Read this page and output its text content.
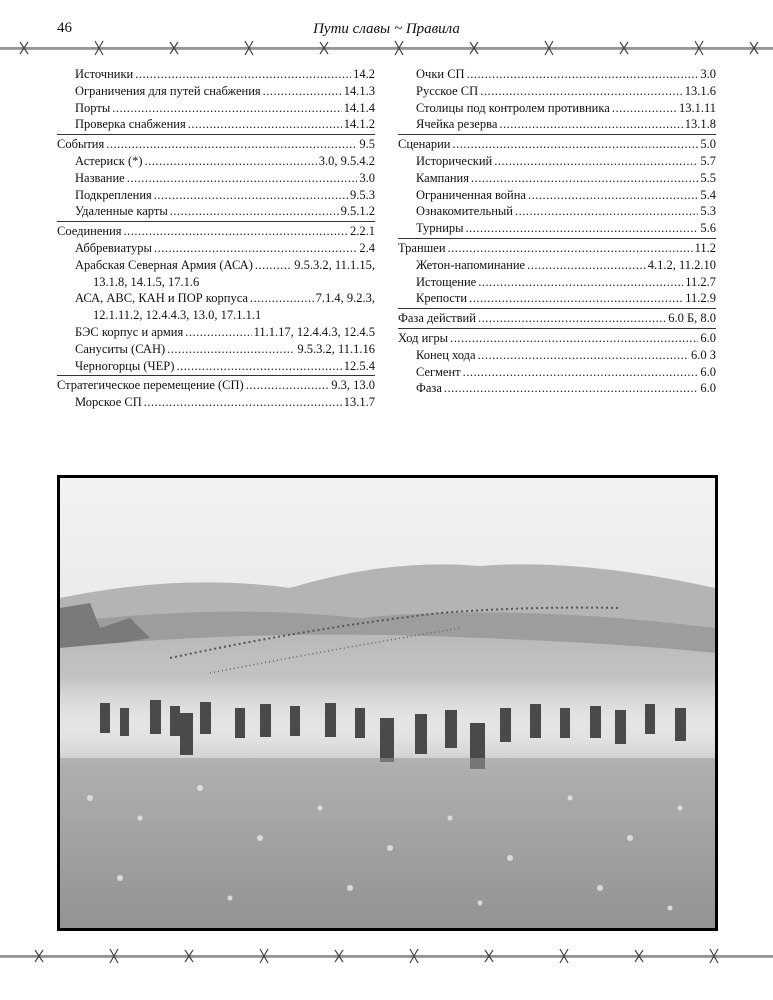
46	Пути славы ~ Правила
Источники .....	14.2
Ограничения для путей снабжения .....	14.1.3
Порты .....	14.1.4
Проверка снабжения .....	14.1.2
События .....	9.5
Астериск (*) .....	3.0, 9.5.4.2
Название .....	3.0
Подкрепления .....	9.5.3
Удаленные карты .....	9.5.1.2
Соединения .....	2.2.1
Аббревиатуры .....	2.4
Арабская Северная Армия (АСА) .....	9.5.3.2, 11.1.15,
13.1.8, 14.1.5, 17.1.6
АСА, АВС, КАН и ПОР корпуса .....	7.1.4, 9.2.3,
12.1.11.2, 12.4.4.3, 13.0, 17.1.1.1
БЭС корпус и армия .....	11.1.17, 12.4.4.3, 12.4.5
Сануситы (САН) .....	9.5.3.2, 11.1.16
Черногорцы (ЧЕР) .....	12.5.4
Стратегическое перемещение (СП) .....	9.3, 13.0
Морское СП .....	13.1.7
Очки СП .....	3.0
Русское СП .....	13.1.6
Столицы под контролем противника .....	13.1.11
Ячейка резерва .....	13.1.8
Сценарии .....	5.0
Исторический .....	5.7
Кампания .....	5.5
Ограниченная война .....	5.4
Ознакомительный .....	5.3
Турниры .....	5.6
Траншеи .....	11.2
Жетон-напоминание .....	4.1.2, 11.2.10
Истощение .....	11.2.7
Крепости .....	11.2.9
Фаза действий .....	6.0 Б, 8.0
Ход игры .....	6.0
Конец хода .....	6.0 З
Сегмент .....	6.0
Фаза .....	6.0
